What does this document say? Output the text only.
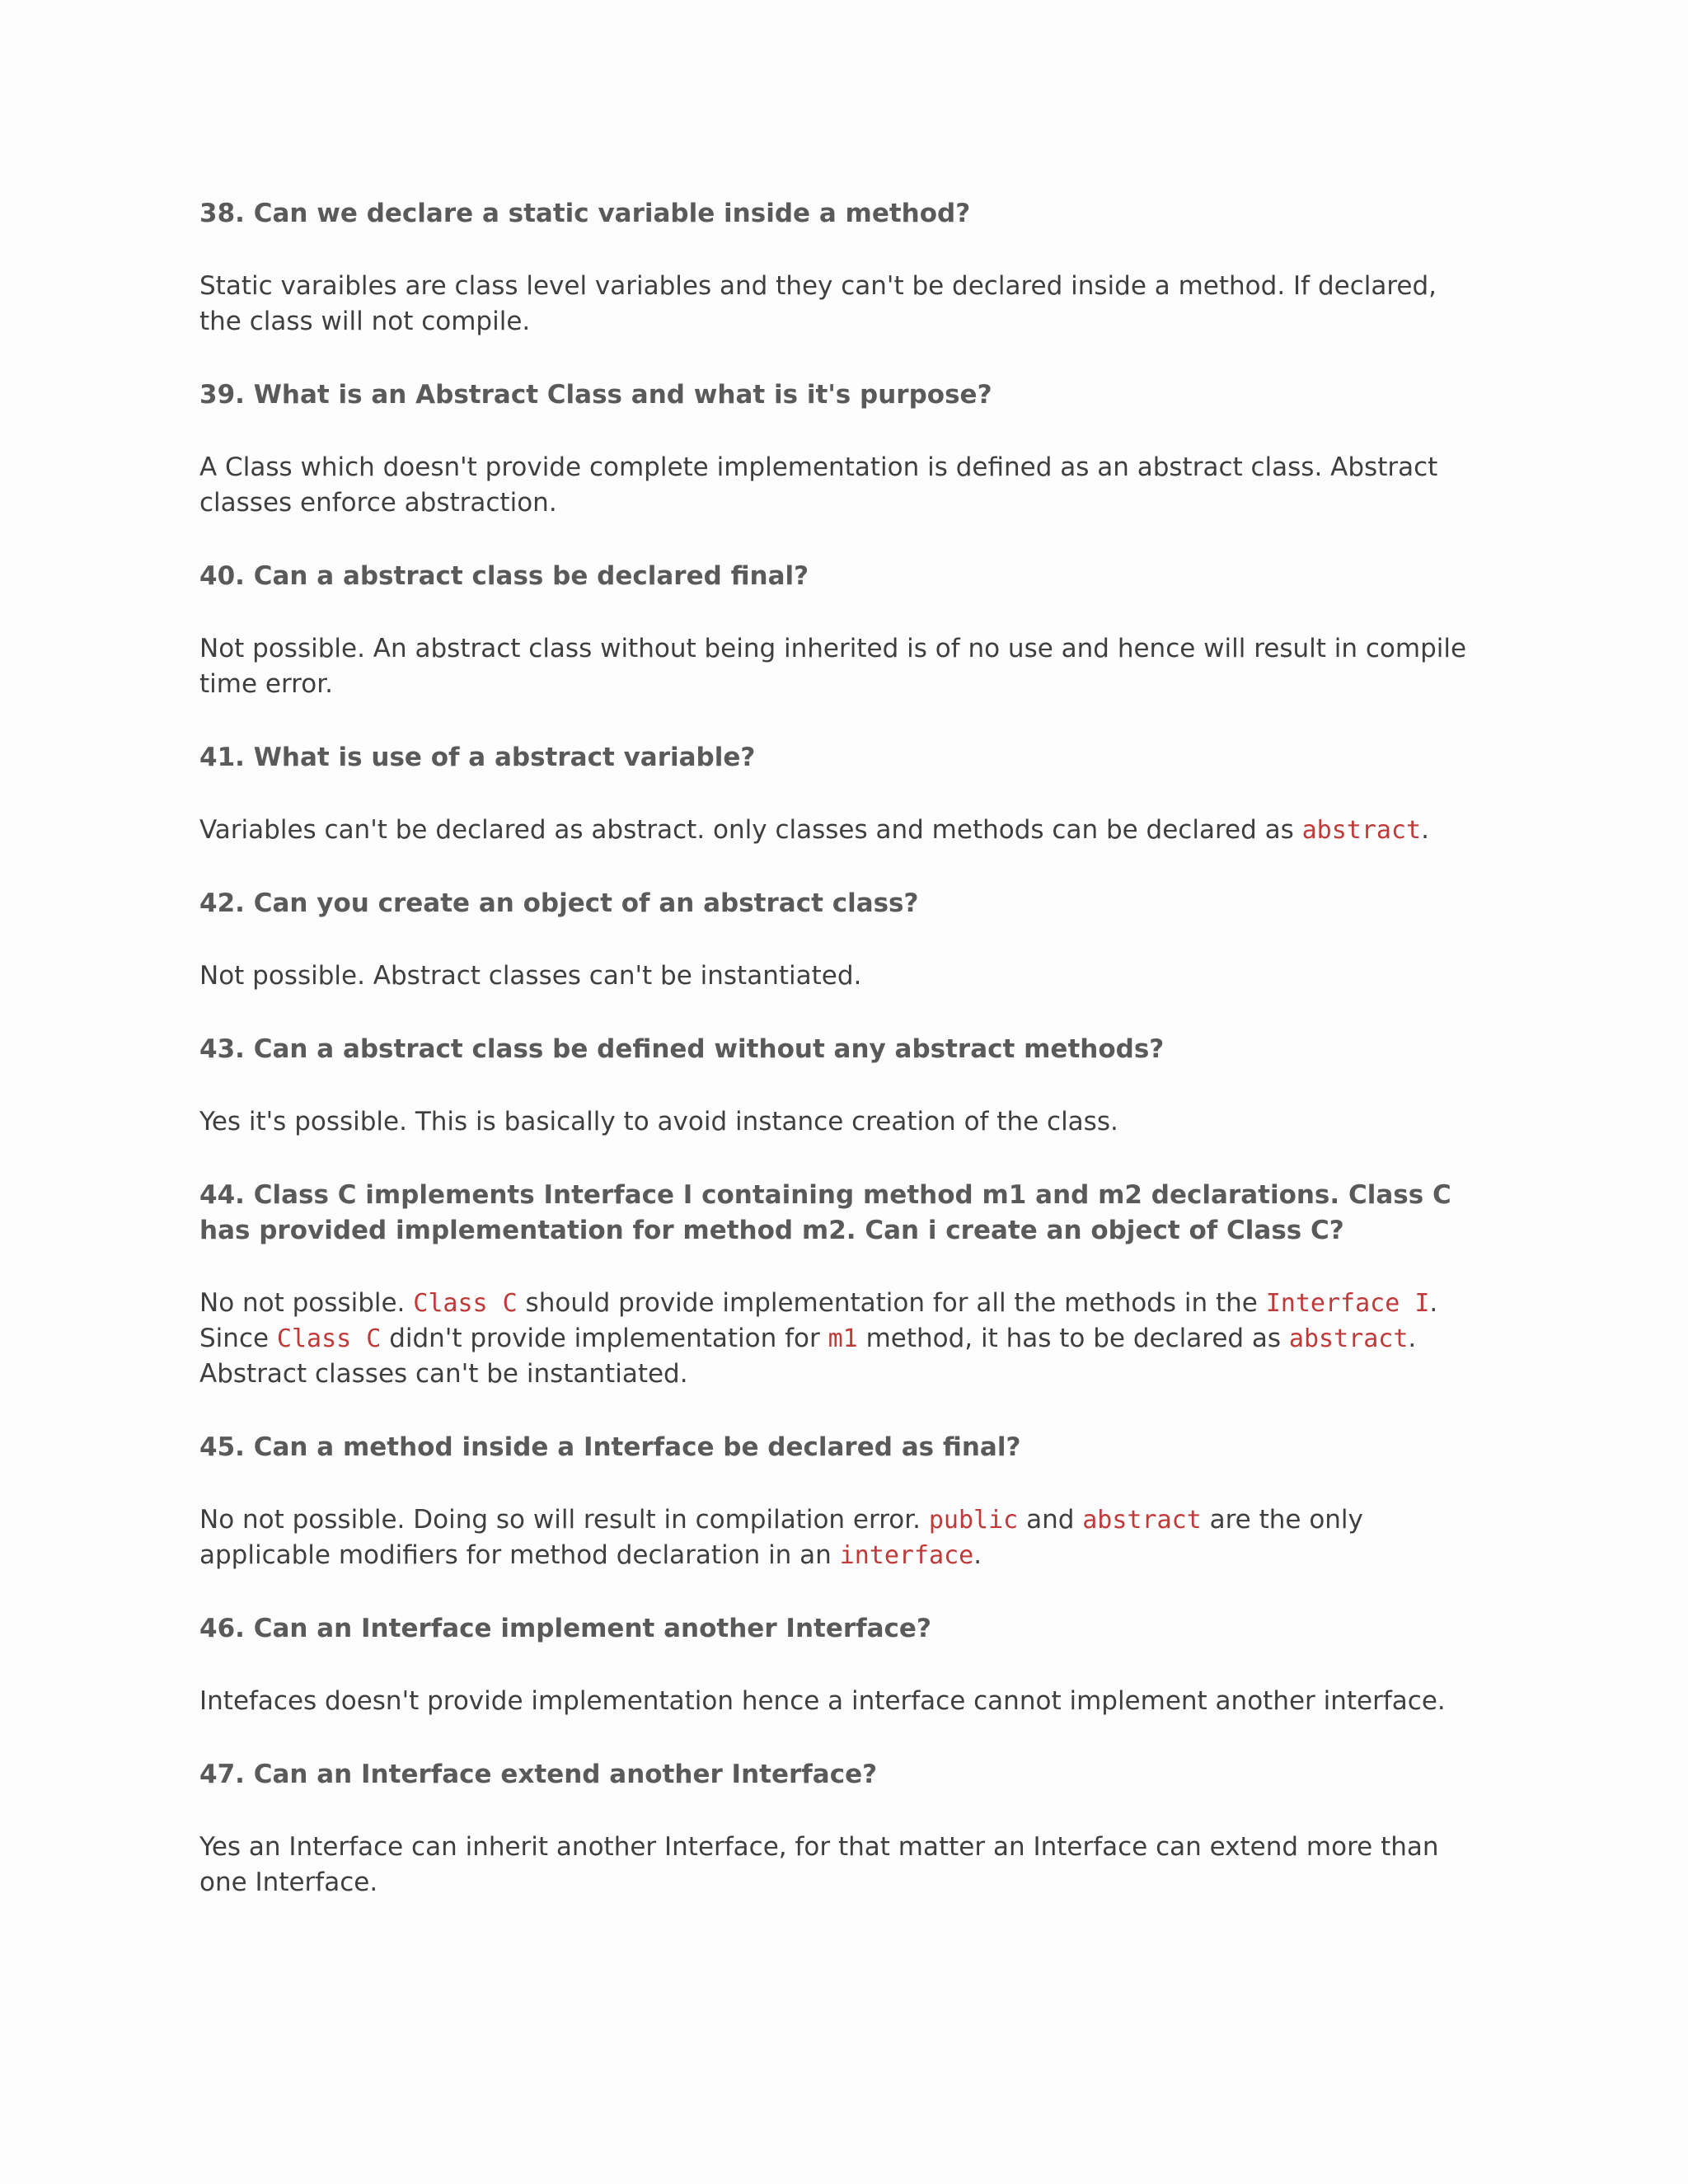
38. Can we declare a static variable inside a method?

Static varaibles are class level variables and they can't be declared inside a method. If declared, the class will not compile.

39. What is an Abstract Class and what is it's purpose?

A Class which doesn't provide complete implementation is defined as an abstract class. Abstract classes enforce abstraction.

40. Can a abstract class be declared final?

Not possible. An abstract class without being inherited is of no use and hence will result in compile time error.

41. What is use of a abstract variable?

Variables can't be declared as abstract. only classes and methods can be declared as abstract.

42. Can you create an object of an abstract class?

Not possible. Abstract classes can't be instantiated.

43. Can a abstract class be defined without any abstract methods?

Yes it's possible. This is basically to avoid instance creation of the class.

44. Class C implements Interface I containing method m1 and m2 declarations. Class C has provided implementation for method m2. Can i create an object of Class C?

No not possible. Class C should provide implementation for all the methods in the Interface I. Since Class C didn't provide implementation for m1 method, it has to be declared as abstract. Abstract classes can't be instantiated.

45. Can a method inside a Interface be declared as final?

No not possible. Doing so will result in compilation error. public and abstract are the only applicable modifiers for method declaration in an interface.

46. Can an Interface implement another Interface?

Intefaces doesn't provide implementation hence a interface cannot implement another interface.

47. Can an Interface extend another Interface?

Yes an Interface can inherit another Interface, for that matter an Interface can extend more than one Interface.
